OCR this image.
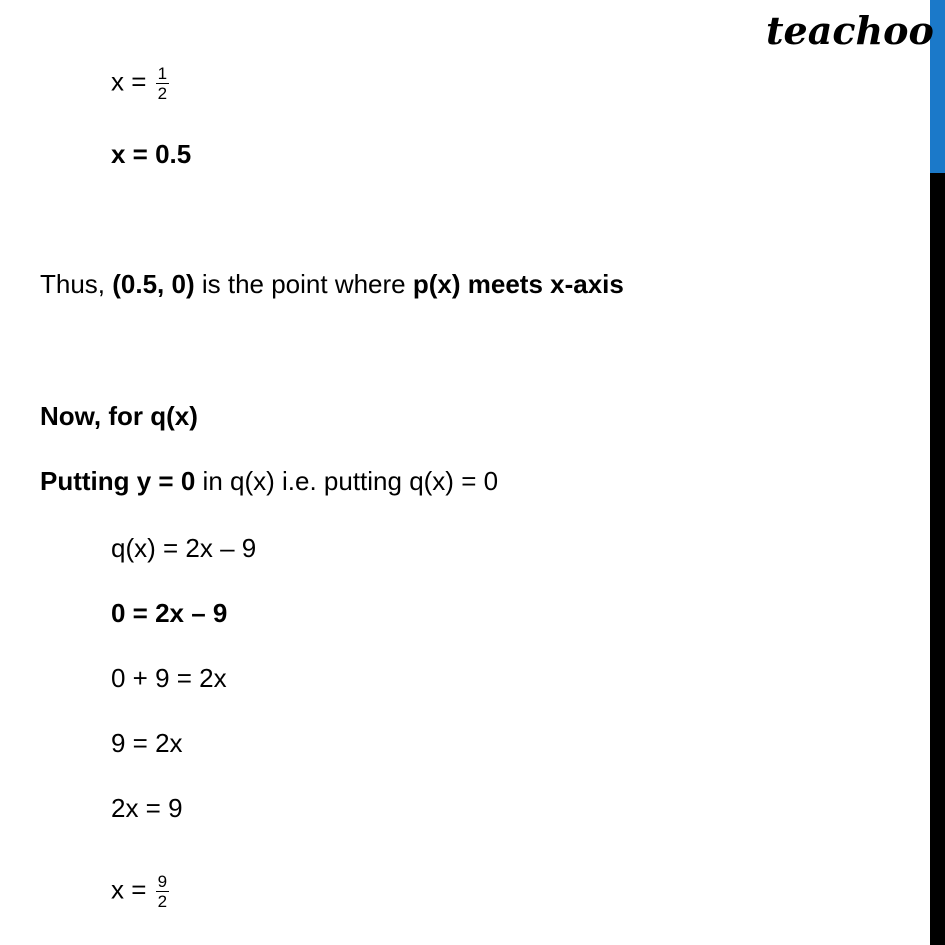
teachoo
$x = \frac{1}{2}$
x = 0.5
Thus, (0.5, 0) is the point where p(x) meets x-axis
Now, for q(x)
Putting y = 0 in q(x) i.e. putting q(x) = 0
q(x) = 2x – 9
0 = 2x – 9
0 + 9 = 2x
9 = 2x
2x = 9
$x = \frac{9}{2}$
